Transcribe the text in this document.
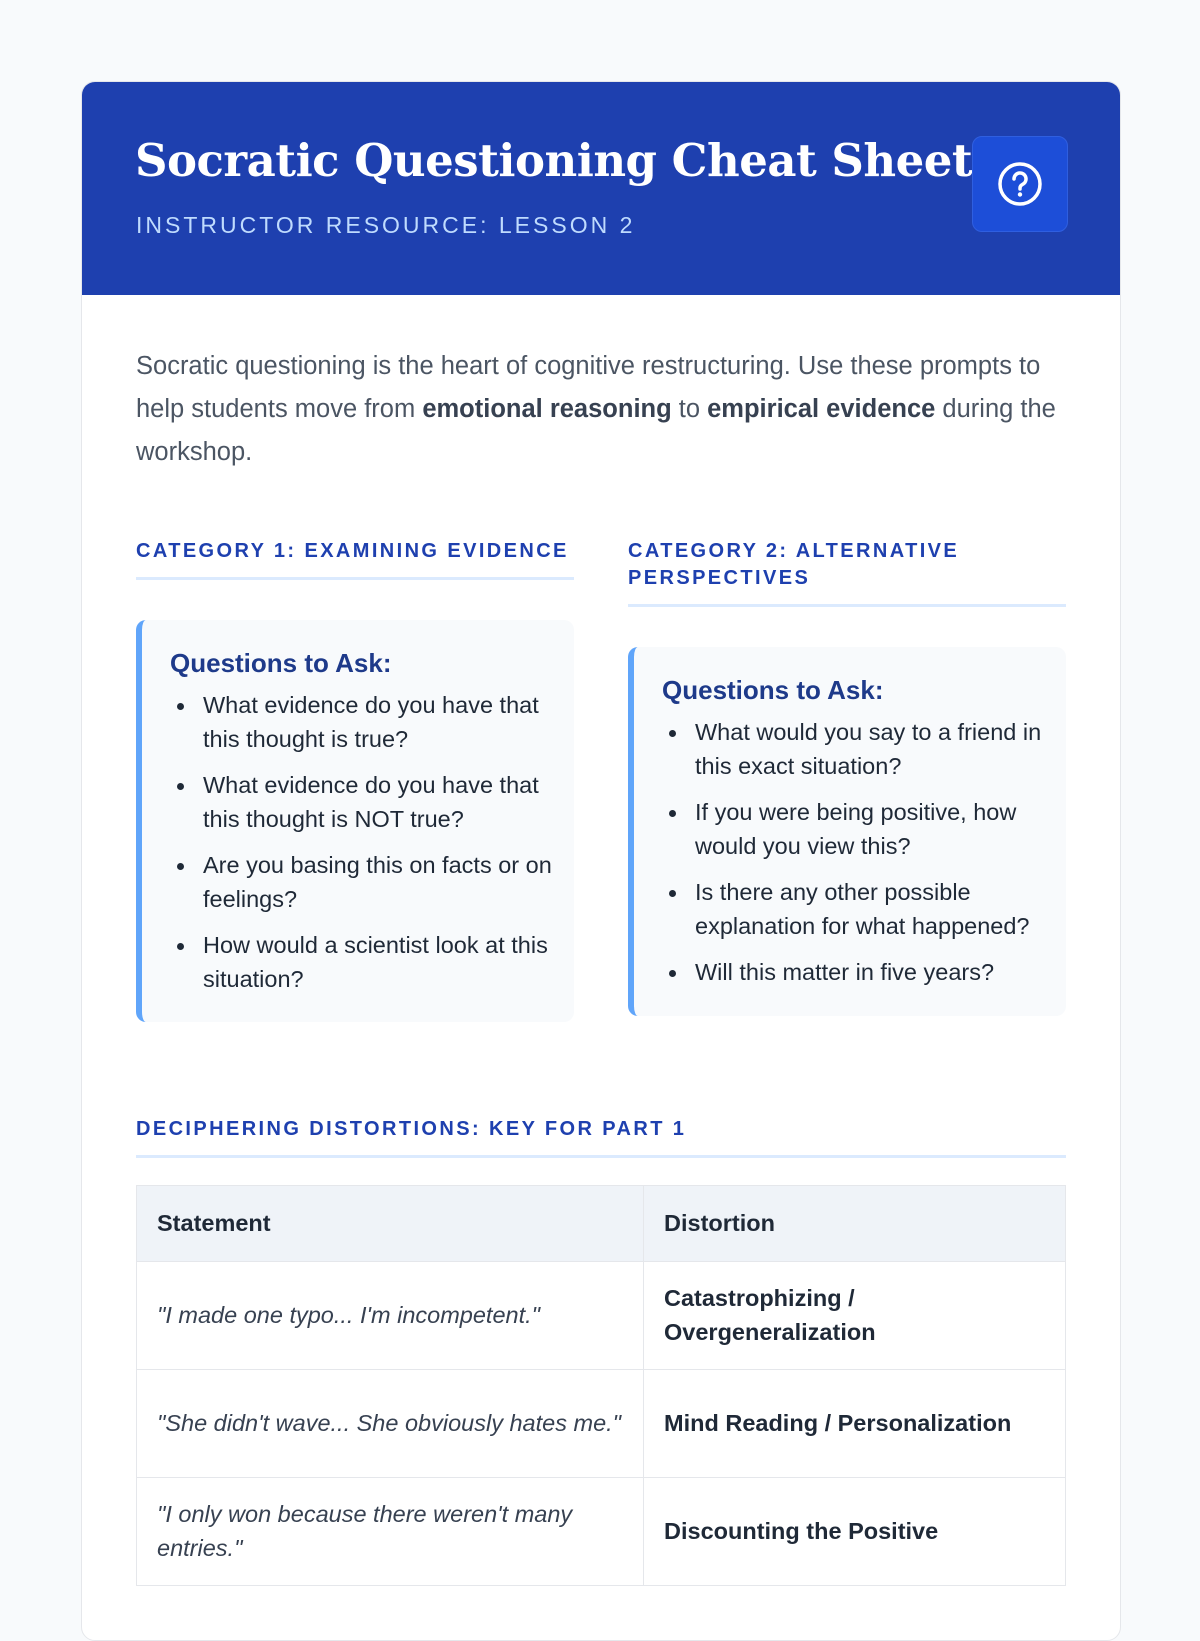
Socratic Questioning Cheat Sheet
INSTRUCTOR RESOURCE: LESSON 2

Socratic questioning is the heart of cognitive restructuring. Use these prompts to help students move from emotional reasoning to empirical evidence during the workshop.

CATEGORY 1: EXAMINING EVIDENCE
Questions to Ask:
What evidence do you have that this thought is true?
What evidence do you have that this thought is NOT true?
Are you basing this on facts or on feelings?
How would a scientist look at this situation?
CATEGORY 2: ALTERNATIVE PERSPECTIVES
Questions to Ask:
What would you say to a friend in this exact situation?
If you were being positive, how would you view this?
Is there any other possible explanation for what happened?
Will this matter in five years?
DECIPHERING DISTORTIONS: KEY FOR PART 1
Statement	Distortion
"I made one typo... I'm incompetent."	Catastrophizing / Overgeneralization
"She didn't wave... She obviously hates me."	Mind Reading / Personalization
"I only won because there weren't many entries."	Discounting the Positive
